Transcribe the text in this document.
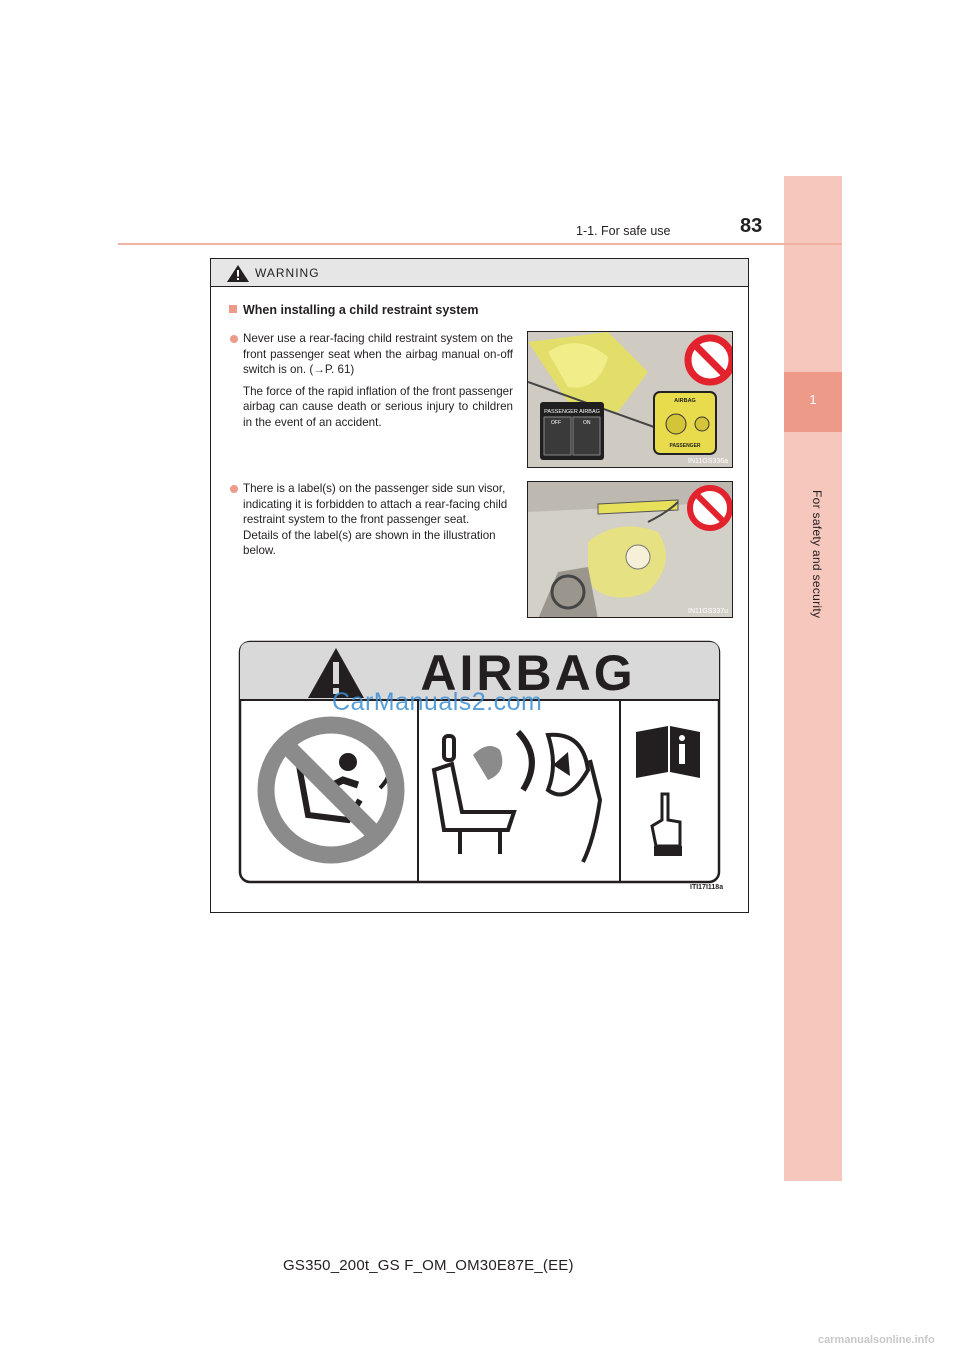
1
For safety and security
1-1. For safe use	83
WARNING
When installing a child restraint system

Never use a rear-facing child restraint system on the front passenger seat when the airbag manual on-off switch is on. (→P. 61)

The force of the rapid inflation of the front passenger airbag can cause death or serious injury to children in the event of an accident.

PASSENGER AIRBAG
OFF	ON
AIRBAG
PASSENGER
IN11GS336a

There is a label(s) on the passenger side sun visor, indicating it is forbidden to attach a rear-facing child restraint system to the front passenger seat.

Details of the label(s) are shown in the illustration below.

IN11GS337u
AIRBAG
ITI17I118a
CarManuals2.com
GS350_200t_GS F_OM_OM30E87E_(EE)
carmanualsonline.info
